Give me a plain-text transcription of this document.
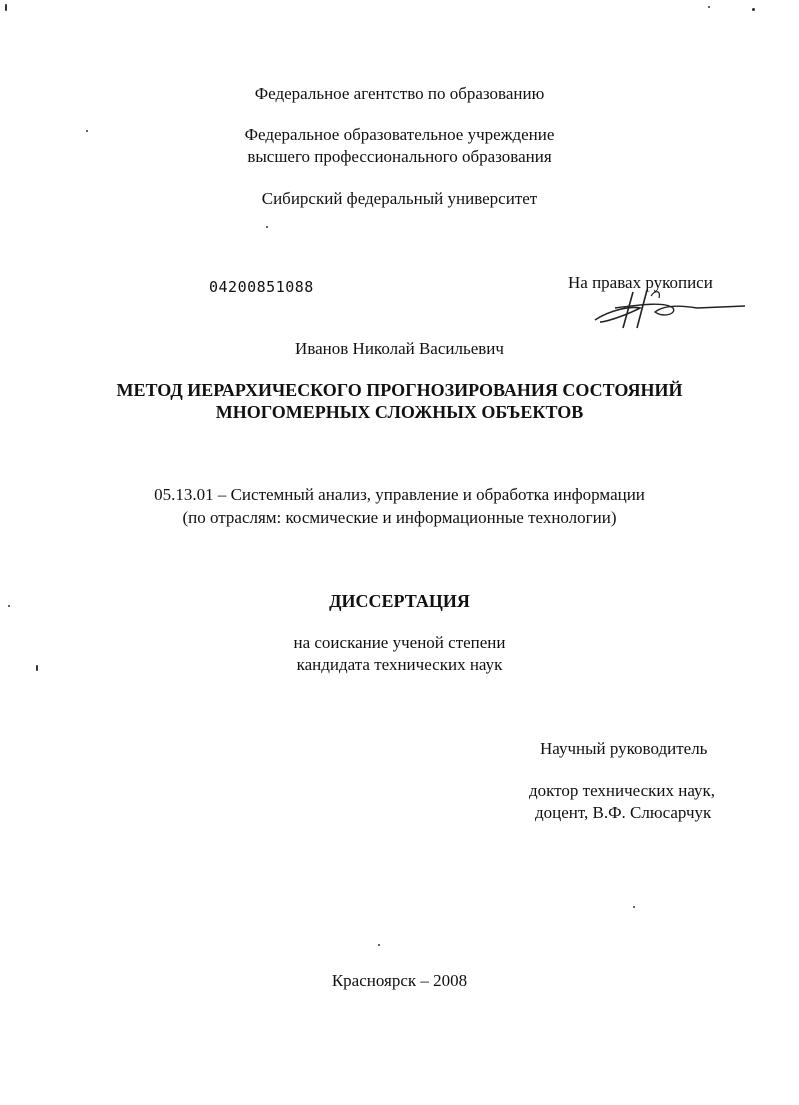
Федеральное агентство по образованию
Федеральное образовательное учреждение
высшего профессионального образования
Сибирский федеральный университет
04200851088	На правах рукописи
Иванов Николай Васильевич
МЕТОД ИЕРАРХИЧЕСКОГО ПРОГНОЗИРОВАНИЯ СОСТОЯНИЙ
МНОГОМЕРНЫХ СЛОЖНЫХ ОБЪЕКТОВ
05.13.01 – Системный анализ, управление и обработка информации
(по отраслям: космические и информационные технологии)
ДИССЕРТАЦИЯ
на соискание ученой степени
кандидата технических наук
Научный руководитель
доктор технических наук,
доцент, В.Ф. Слюсарчук
Красноярск – 2008
